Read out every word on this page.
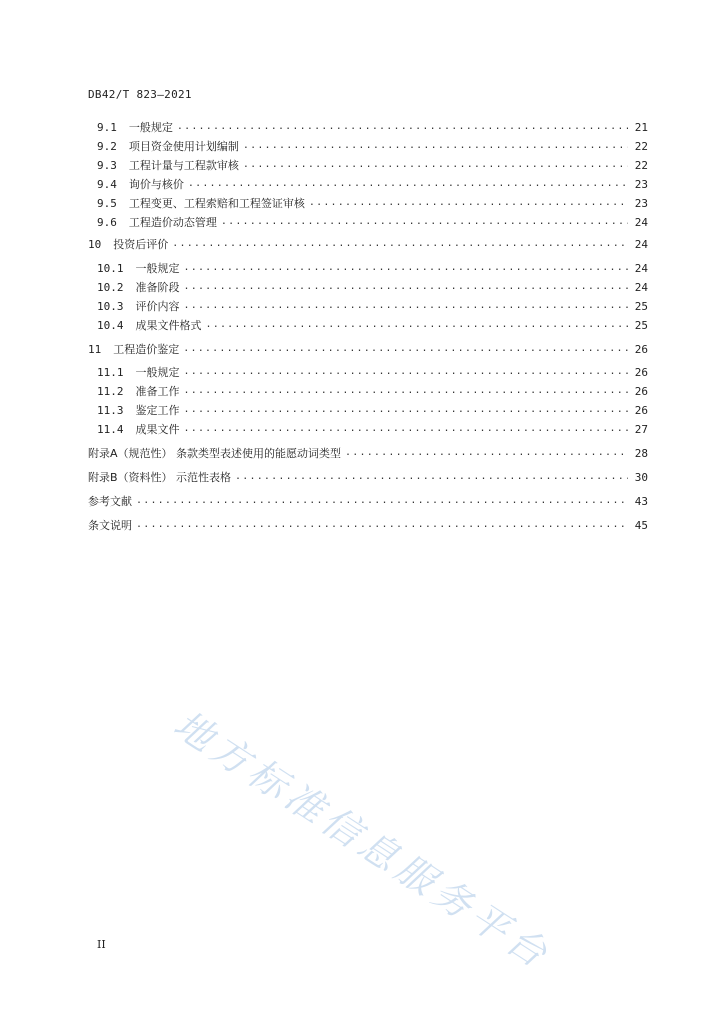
DB42/T 823—2021
9.1 一般规定 .....	21
9.2 项目资金使用计划编制 .....	22
9.3 工程计量与工程款审核 .....	22
9.4 询价与核价 .....	23
9.5 工程变更、工程索赔和工程签证审核 .....	23
9.6 工程造价动态管理 .....	24
10 投资后评价 .....	24
10.1 一般规定 .....	24
10.2 准备阶段 .....	24
10.3 评价内容 .....	25
10.4 成果文件格式 .....	25
11 工程造价鉴定 .....	26
11.1 一般规定 .....	26
11.2 准备工作 .....	26
11.3 鉴定工作 .....	26
11.4 成果文件 .....	27
附录A（规范性） 条款类型表述使用的能愿动词类型 .....	28
附录B（资料性） 示范性表格 .....	30
参考文献 .....	43
条文说明 .....	45
地方标准信息服务平台
II
